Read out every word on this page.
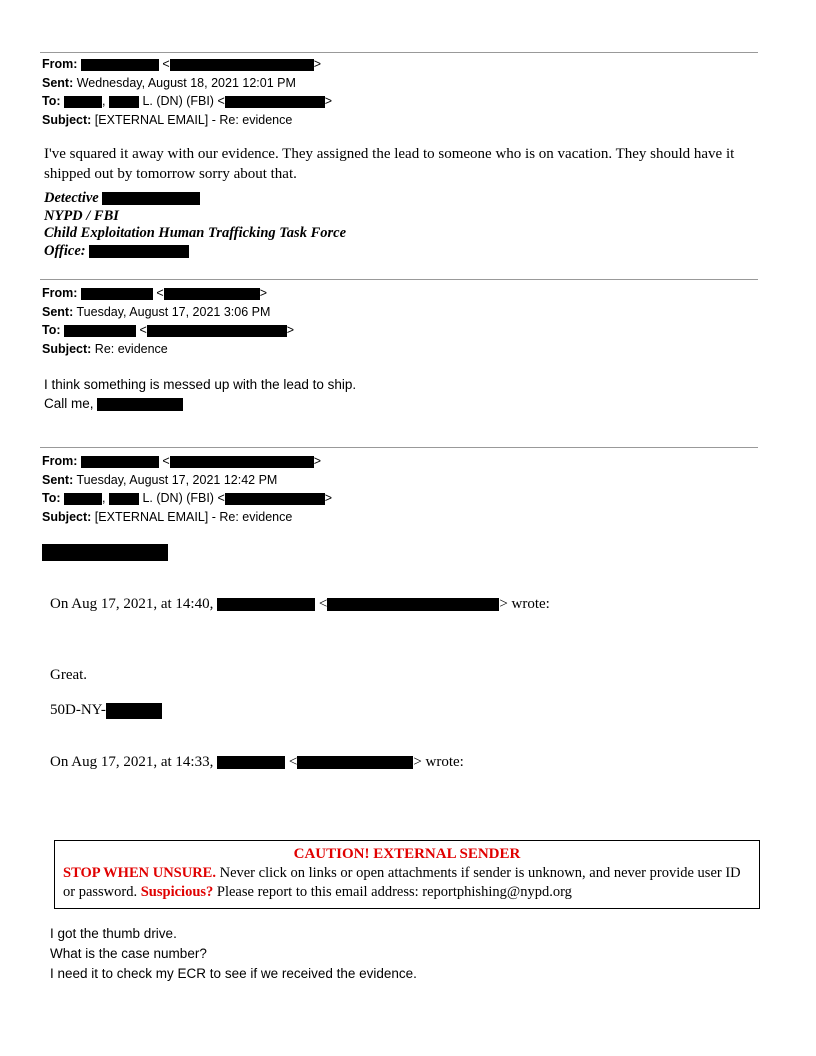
From:	<	>
Sent: Wednesday, August 18, 2021 12:01 PM
To:	,	L. (DN) (FBI) <	>
Subject: [EXTERNAL EMAIL] - Re: evidence
I've squared it away with our evidence. They assigned the lead to someone who is on vacation. They should have it shipped out by tomorrow sorry about that.
Detective
NYPD / FBI
Child Exploitation Human Trafficking Task Force
Office:
From:	<	>
Sent: Tuesday, August 17, 2021 3:06 PM
To:	<	>
Subject: Re: evidence
I think something is messed up with the lead to ship.
Call me,
From:	<	>
Sent: Tuesday, August 17, 2021 12:42 PM
To:	,	L. (DN) (FBI) <	>
Subject: [EXTERNAL EMAIL] - Re: evidence
31E-NY-
On Aug 17, 2021, at 14:40,	<	> wrote:
Great.
50D-NY-
On Aug 17, 2021, at 14:33,	<	> wrote:
CAUTION! EXTERNAL SENDER
STOP WHEN UNSURE. Never click on links or open attachments if sender is unknown, and never provide user ID or password. Suspicious? Please report to this email address: reportphishing@nypd.org
I got the thumb drive.
What is the case number?
I need it to check my ECR to see if we received the evidence.
